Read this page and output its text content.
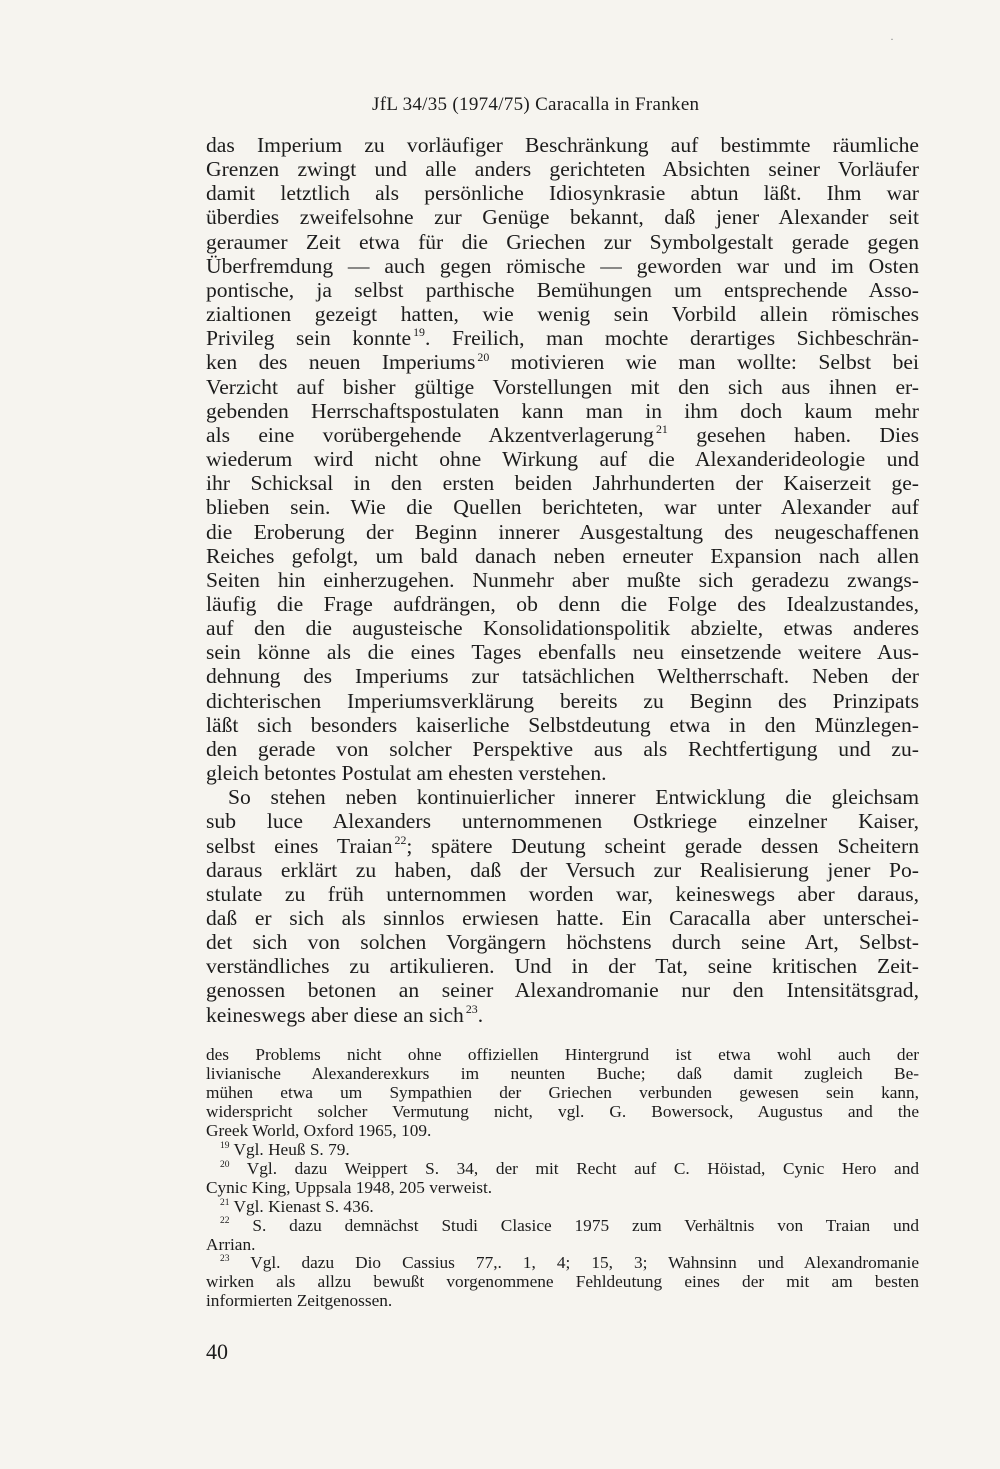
JfL 34/35 (1974/75) Caracalla in Franken
das Imperium zu vorläufiger Beschränkung auf bestimmte räumliche
Grenzen zwingt und alle anders gerichteten Absichten seiner Vorläufer
damit letztlich als persönliche Idiosynkrasie abtun läßt. Ihm war
überdies zweifelsohne zur Genüge bekannt, daß jener Alexander seit
geraumer Zeit etwa für die Griechen zur Symbolgestalt gerade gegen
Überfremdung — auch gegen römische — geworden war und im Osten
pontische, ja selbst parthische Bemühungen um entsprechende Asso-
zialtionen gezeigt hatten, wie wenig sein Vorbild allein römisches
Privileg sein konnte $^{19}$. Freilich, man mochte derartiges Sichbeschrän-
ken des neuen Imperiums $^{20}$ motivieren wie man wollte: Selbst bei
Verzicht auf bisher gültige Vorstellungen mit den sich aus ihnen er-
gebenden Herrschaftspostulaten kann man in ihm doch kaum mehr
als eine vorübergehende Akzentverlagerung $^{21}$ gesehen haben. Dies
wiederum wird nicht ohne Wirkung auf die Alexanderideologie und
ihr Schicksal in den ersten beiden Jahrhunderten der Kaiserzeit ge-
blieben sein. Wie die Quellen berichteten, war unter Alexander auf
die Eroberung der Beginn innerer Ausgestaltung des neugeschaffenen
Reiches gefolgt, um bald danach neben erneuter Expansion nach allen
Seiten hin einherzugehen. Nunmehr aber mußte sich geradezu zwangs-
läufig die Frage aufdrängen, ob denn die Folge des Idealzustandes,
auf den die augusteische Konsolidationspolitik abzielte, etwas anderes
sein könne als die eines Tages ebenfalls neu einsetzende weitere Aus-
dehnung des Imperiums zur tatsächlichen Weltherrschaft. Neben der
dichterischen Imperiumsverklärung bereits zu Beginn des Prinzipats
läßt sich besonders kaiserliche Selbstdeutung etwa in den Münzlegen-
den gerade von solcher Perspektive aus als Rechtfertigung und zu-
gleich betontes Postulat am ehesten verstehen.
So stehen neben kontinuierlicher innerer Entwicklung die gleichsam
sub luce Alexanders unternommenen Ostkriege einzelner Kaiser,
selbst eines Traian $^{22}$; spätere Deutung scheint gerade dessen Scheitern
daraus erklärt zu haben, daß der Versuch zur Realisierung jener Po-
stulate zu früh unternommen worden war, keineswegs aber daraus,
daß er sich als sinnlos erwiesen hatte. Ein Caracalla aber unterschei-
det sich von solchen Vorgängern höchstens durch seine Art, Selbst-
verständliches zu artikulieren. Und in der Tat, seine kritischen Zeit-
genossen betonen an seiner Alexandromanie nur den Intensitätsgrad,
keineswegs aber diese an sich $^{23}$.
des Problems nicht ohne offiziellen Hintergrund ist etwa wohl auch der
livianische Alexanderexkurs im neunten Buche; daß damit zugleich Be-
mühen etwa um Sympathien der Griechen verbunden gewesen sein kann,
widerspricht solcher Vermutung nicht, vgl. G. Bowersock, Augustus and the
Greek World, Oxford 1965, 109.
$^{19}$ Vgl. Heuß S. 79.
$^{20}$ Vgl. dazu Weippert S. 34, der mit Recht auf C. Höistad, Cynic Hero and
Cynic King, Uppsala 1948, 205 verweist.
$^{21}$ Vgl. Kienast S. 436.
$^{22}$ S. dazu demnächst Studi Clasice 1975 zum Verhältnis von Traian und
Arrian.
$^{23}$ Vgl. dazu Dio Cassius 77,. 1, 4; 15, 3; Wahnsinn und Alexandromanie
wirken als allzu bewußt vorgenommene Fehldeutung eines der mit am besten
informierten Zeitgenossen.

40

·
